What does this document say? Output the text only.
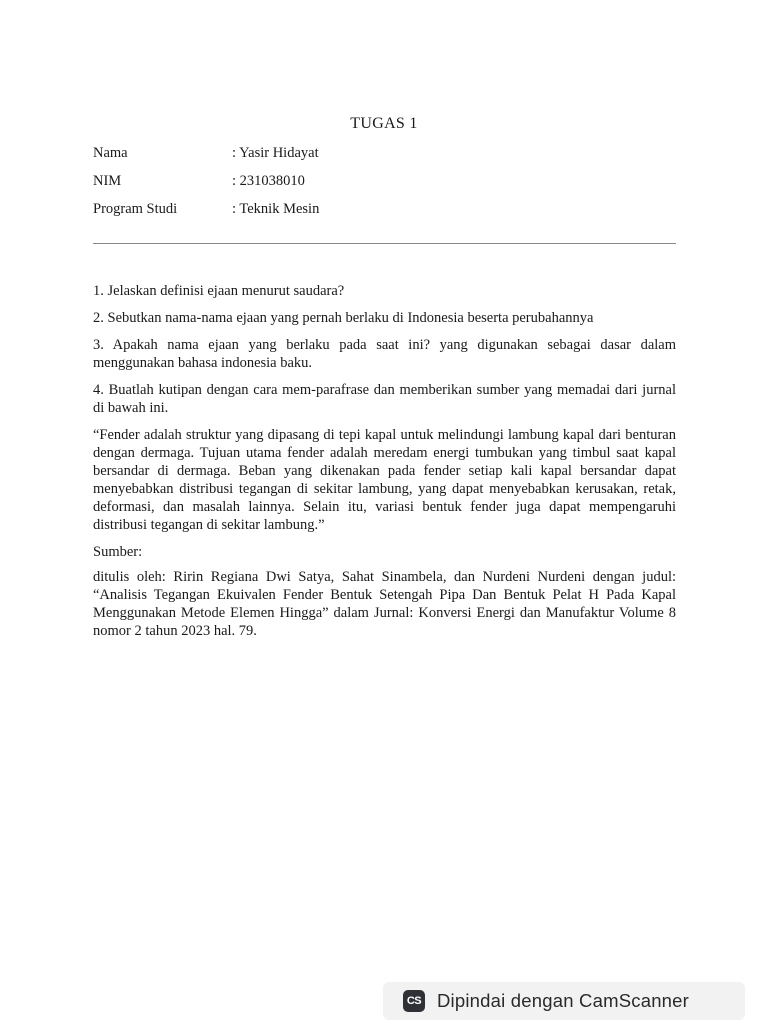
TUGAS 1
Nama	: Yasir Hidayat
NIM	: 231038010
Program Studi	: Teknik Mesin

1. Jelaskan definisi ejaan menurut saudara?

2. Sebutkan nama-nama ejaan yang pernah berlaku di Indonesia beserta perubahannya

3. Apakah nama ejaan yang berlaku pada saat ini? yang digunakan sebagai dasar dalam menggunakan bahasa indonesia baku.

4. Buatlah kutipan dengan cara mem-parafrase dan memberikan sumber yang memadai dari jurnal di bawah ini.

“Fender adalah struktur yang dipasang di tepi kapal untuk melindungi lambung kapal dari benturan dengan dermaga. Tujuan utama fender adalah meredam energi tumbukan yang timbul saat kapal bersandar di dermaga. Beban yang dikenakan pada fender setiap kali kapal bersandar dapat menyebabkan distribusi tegangan di sekitar lambung, yang dapat menyebabkan kerusakan, retak, deformasi, dan masalah lainnya. Selain itu, variasi bentuk fender juga dapat mempengaruhi distribusi tegangan di sekitar lambung.”

Sumber:

ditulis oleh: Ririn Regiana Dwi Satya, Sahat Sinambela, dan Nurdeni Nurdeni dengan judul: “Analisis Tegangan Ekuivalen Fender Bentuk Setengah Pipa Dan Bentuk Pelat H Pada Kapal Menggunakan Metode Elemen Hingga” dalam Jurnal: Konversi Energi dan Manufaktur Volume 8 nomor 2 tahun 2023 hal. 79.

CS Dipindai dengan CamScanner
